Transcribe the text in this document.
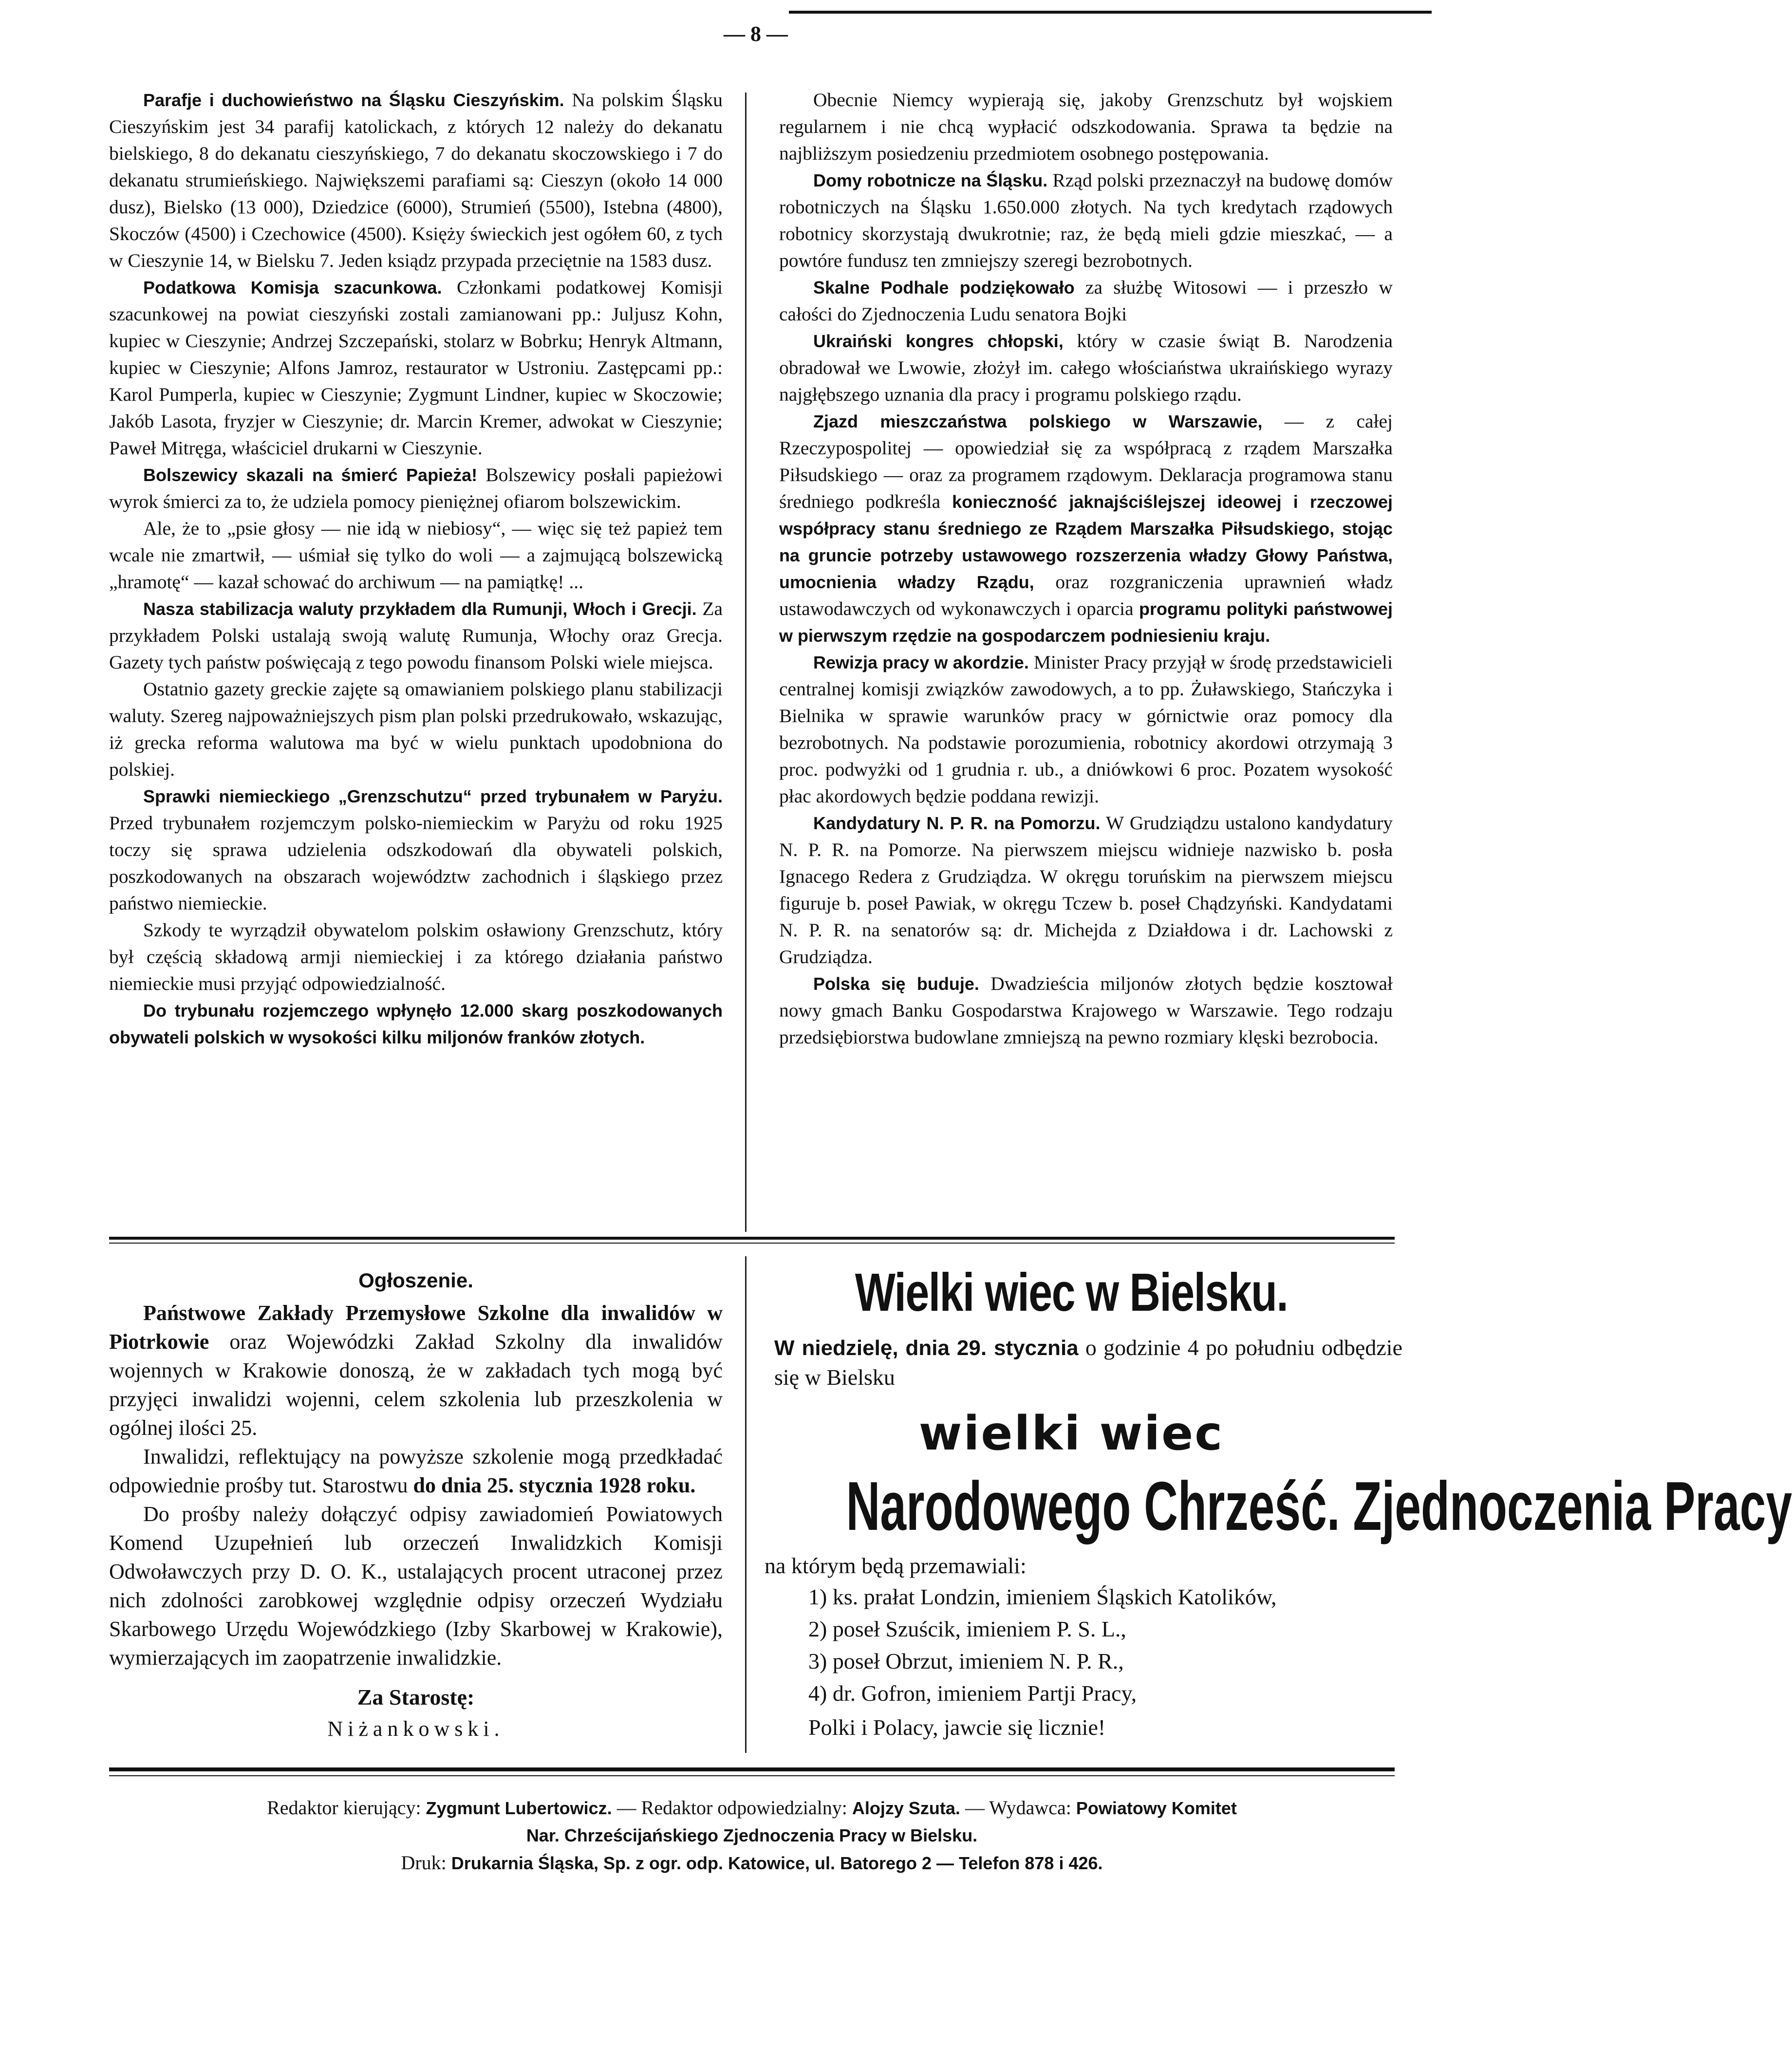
— 8 —

Parafje i duchowieństwo na Śląsku Cieszyńskim. Na polskim Śląsku Cieszyńskim jest 34 parafij katolickach, z których 12 należy do dekanatu bielskiego, 8 do dekanatu cieszyńskiego, 7 do dekanatu skoczowskiego i 7 do dekanatu strumieńskiego. Największemi parafiami są: Cieszyn (około 14 000 dusz), Bielsko (13 000), Dziedzice (6000), Strumień (5500), Istebna (4800), Skoczów (4500) i Czechowice (4500). Księży świeckich jest ogółem 60, z tych w Cieszynie 14, w Bielsku 7. Jeden ksiądz przypada przeciętnie na 1583 dusz.

Podatkowa Komisja szacunkowa. Członkami podatkowej Komisji szacunkowej na powiat cieszyński zostali zamianowani pp.: Juljusz Kohn, kupiec w Cieszynie; Andrzej Szczepański, stolarz w Bobrku; Henryk Altmann, kupiec w Cieszynie; Alfons Jamroz, restaurator w Ustroniu. Zastępcami pp.: Karol Pumperla, kupiec w Cieszynie; Zygmunt Lindner, kupiec w Skoczowie; Jakób Lasota, fryzjer w Cieszynie; dr. Marcin Kremer, adwokat w Cieszynie; Paweł Mitręga, właściciel drukarni w Cieszynie.

Bolszewicy skazali na śmierć Papieża! Bolszewicy posłali papieżowi wyrok śmierci za to, że udziela pomocy pieniężnej ofiarom bolszewickim.

Ale, że to „psie głosy — nie idą w niebiosy“, — więc się też papież tem wcale nie zmartwił, — uśmiał się tylko do woli — a zajmującą bolszewicką „hramotę“ — kazał schować do archiwum — na pamiątkę! ...

Nasza stabilizacja waluty przykładem dla Rumunji, Włoch i Grecji. Za przykładem Polski ustalają swoją walutę Rumunja, Włochy oraz Grecja. Gazety tych państw poświęcają z tego powodu finansom Polski wiele miejsca.

Ostatnio gazety greckie zajęte są omawianiem polskiego planu stabilizacji waluty. Szereg najpoważniejszych pism plan polski przedrukowało, wskazując, iż grecka reforma walutowa ma być w wielu punktach upodobniona do polskiej.

Sprawki niemieckiego „Grenzschutzu“ przed trybunałem w Paryżu. Przed trybunałem rozjemczym polsko-niemieckim w Paryżu od roku 1925 toczy się sprawa udzielenia odszkodowań dla obywateli polskich, poszkodowanych na obszarach województw zachodnich i śląskiego przez państwo niemieckie.

Szkody te wyrządził obywatelom polskim osławiony Grenzschutz, który był częścią składową armji niemieckiej i za którego działania państwo niemieckie musi przyjąć odpowiedzialność.

Do trybunału rozjemczego wpłynęło 12.000 skarg poszkodowanych obywateli polskich w wysokości kilku miljonów franków złotych.

Obecnie Niemcy wypierają się, jakoby Grenzschutz był wojskiem regularnem i nie chcą wypłacić odszkodowania. Sprawa ta będzie na najbliższym posiedzeniu przedmiotem osobnego postępowania.

Domy robotnicze na Śląsku. Rząd polski przeznaczył na budowę domów robotniczych na Śląsku 1.650.000 złotych. Na tych kredytach rządowych robotnicy skorzystają dwukrotnie; raz, że będą mieli gdzie mieszkać, — a powtóre fundusz ten zmniejszy szeregi bezrobotnych.

Skalne Podhale podziękowało za służbę Witosowi — i przeszło w całości do Zjednoczenia Ludu senatora Bojki

Ukraiński kongres chłopski, który w czasie świąt B. Narodzenia obradował we Lwowie, złożył im. całego włościaństwa ukraińskiego wyrazy najgłębszego uznania dla pracy i programu polskiego rządu.

Zjazd mieszczaństwa polskiego w Warszawie, — z całej Rzeczypospolitej — opowiedział się za współpracą z rządem Marszałka Piłsudskiego — oraz za programem rządowym. Deklaracja programowa stanu średniego podkreśla konieczność jaknajściślejszej ideowej i rzeczowej współpracy stanu średniego ze Rządem Marszałka Piłsudskiego, stojąc na gruncie potrzeby ustawowego rozszerzenia władzy Głowy Państwa, umocnienia władzy Rządu, oraz rozgraniczenia uprawnień władz ustawodawczych od wykonawczych i oparcia programu polityki państwowej w pierwszym rzędzie na gospodarczem podniesieniu kraju.

Rewizja pracy w akordzie. Minister Pracy przyjął w środę przedstawicieli centralnej komisji związków zawodowych, a to pp. Żuławskiego, Stańczyka i Bielnika w sprawie warunków pracy w górnictwie oraz pomocy dla bezrobotnych. Na podstawie porozumienia, robotnicy akordowi otrzymają 3 proc. podwyżki od 1 grudnia r. ub., a dniówkowi 6 proc. Pozatem wysokość płac akordowych będzie poddana rewizji.

Kandydatury N. P. R. na Pomorzu. W Grudziądzu ustalono kandydatury N. P. R. na Pomorze. Na pierwszem miejscu widnieje nazwisko b. posła Ignacego Redera z Grudziądza. W okręgu toruńskim na pierwszem miejscu figuruje b. poseł Pawiak, w okręgu Tczew b. poseł Chądzyński. Kandydatami N. P. R. na senatorów są: dr. Michejda z Działdowa i dr. Lachowski z Grudziądza.

Polska się buduje. Dwadzieścia miljonów złotych będzie kosztował nowy gmach Banku Gospodarstwa Krajowego w Warszawie. Tego rodzaju przedsiębiorstwa budowlane zmniejszą na pewno rozmiary klęski bezrobocia.

Ogłoszenie.

Państwowe Zakłady Przemysłowe Szkolne dla inwalidów w Piotrkowie oraz Wojewódzki Zakład Szkolny dla inwalidów wojennych w Krakowie donoszą, że w zakładach tych mogą być przyjęci inwalidzi wojenni, celem szkolenia lub przeszkolenia w ogólnej ilości 25.

Inwalidzi, reflektujący na powyższe szkolenie mogą przedkładać odpowiednie prośby tut. Starostwu do dnia 25. stycznia 1928 roku.

Do prośby należy dołączyć odpisy zawiadomień Powiatowych Komend Uzupełnień lub orzeczeń Inwalidzkich Komisji Odwoławczych przy D. O. K., ustalających procent utraconej przez nich zdolności zarobkowej względnie odpisy orzeczeń Wydziału Skarbowego Urzędu Wojewódzkiego (Izby Skarbowej w Krakowie), wymierzających im zaopatrzenie inwalidzkie.

Za Starostę:
Niżankowski.
Wielki wiec w Bielsku.
W niedzielę, dnia 29. stycznia o godzinie 4 po południu odbędzie się w Bielsku
wielki wiec
Narodowego Chrześć. Zjednoczenia Pracy
na którym będą przemawiali:
1) ks. prałat Londzin, imieniem Śląskich Katolików,
2) poseł Szuścik, imieniem P. S. L.,
3) poseł Obrzut, imieniem N. P. R.,
4) dr. Gofron, imieniem Partji Pracy,
Polki i Polacy, jawcie się licznie!
Redaktor kierujący: Zygmunt Lubertowicz. — Redaktor odpowiedzialny: Alojzy Szuta. — Wydawca: Powiatowy Komitet
Nar. Chrześcijańskiego Zjednoczenia Pracy w Bielsku.
Druk: Drukarnia Śląska, Sp. z ogr. odp. Katowice, ul. Batorego 2 — Telefon 878 i 426.
